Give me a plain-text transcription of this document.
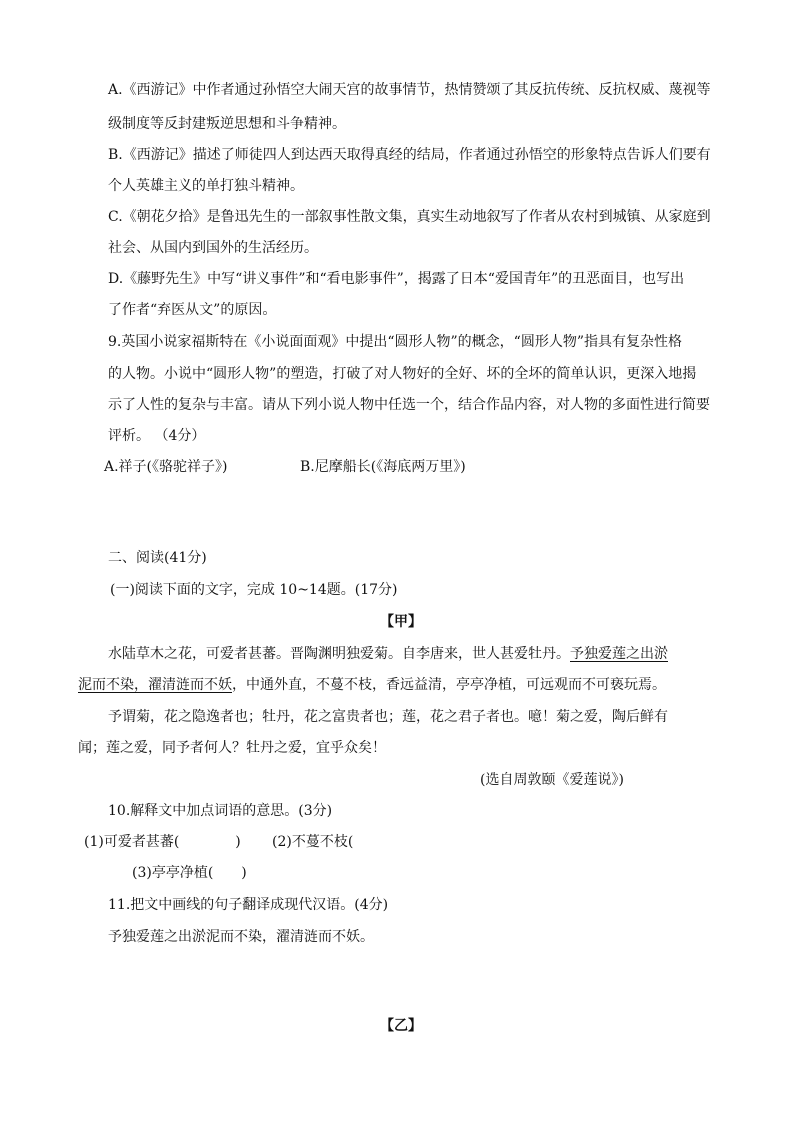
A.《西游记》中作者通过孙悟空大闹天宫的故事情节，热情赞颂了其反抗传统、反抗权威、蔑视等
级制度等反封建叛逆思想和斗争精神。
B.《西游记》描述了师徒四人到达西天取得真经的结局，作者通过孙悟空的形象特点告诉人们要有
个人英雄主义的单打独斗精神。
C.《朝花夕拾》是鲁迅先生的一部叙事性散文集，真实生动地叙写了作者从农村到城镇、从家庭到
社会、从国内到国外的生活经历。
D.《藤野先生》中写“讲义事件”和“看电影事件”，揭露了日本“爱国青年”的丑恶面目，也写出
了作者“弃医从文”的原因。
9.英国小说家福斯特在《小说面面观》中提出“圆形人物”的概念，“圆形人物”指具有复杂性格
的人物。小说中“圆形人物”的塑造，打破了对人物好的全好、坏的全坏的简单认识，更深入地揭
示了人性的复杂与丰富。请从下列小说人物中任选一个，结合作品内容，对人物的多面性进行简要
评析。 （4分）
A.祥子(《骆驼祥子》)	B.尼摩船长(《海底两万里》)
二、阅读(41分)
(一)阅读下面的文字，完成 10~14题。(17分)
【甲】
水陆草木之花，可爱者甚蕃。晋陶渊明独爱菊。自李唐来，世人甚爱牡丹。予独爱莲之出淤
泥而不染，濯清涟而不妖，中通外直，不蔓不枝，香远益清，亭亭净植，可远观而不可亵玩焉。
予谓菊，花之隐逸者也；牡丹，花之富贵者也；莲，花之君子者也。噫！菊之爱，陶后鲜有
闻；莲之爱，同予者何人？牡丹之爱，宜乎众矣！
(选自周敦颐《爱莲说》)
10.解释文中加点词语的意思。(3分)
(1)可爱者甚蕃(　　　　) (2)不蔓不枝(
(3)亭亭净植(　　)
11.把文中画线的句子翻译成现代汉语。(4分)
予独爱莲之出淤泥而不染，濯清涟而不妖。
【乙】
